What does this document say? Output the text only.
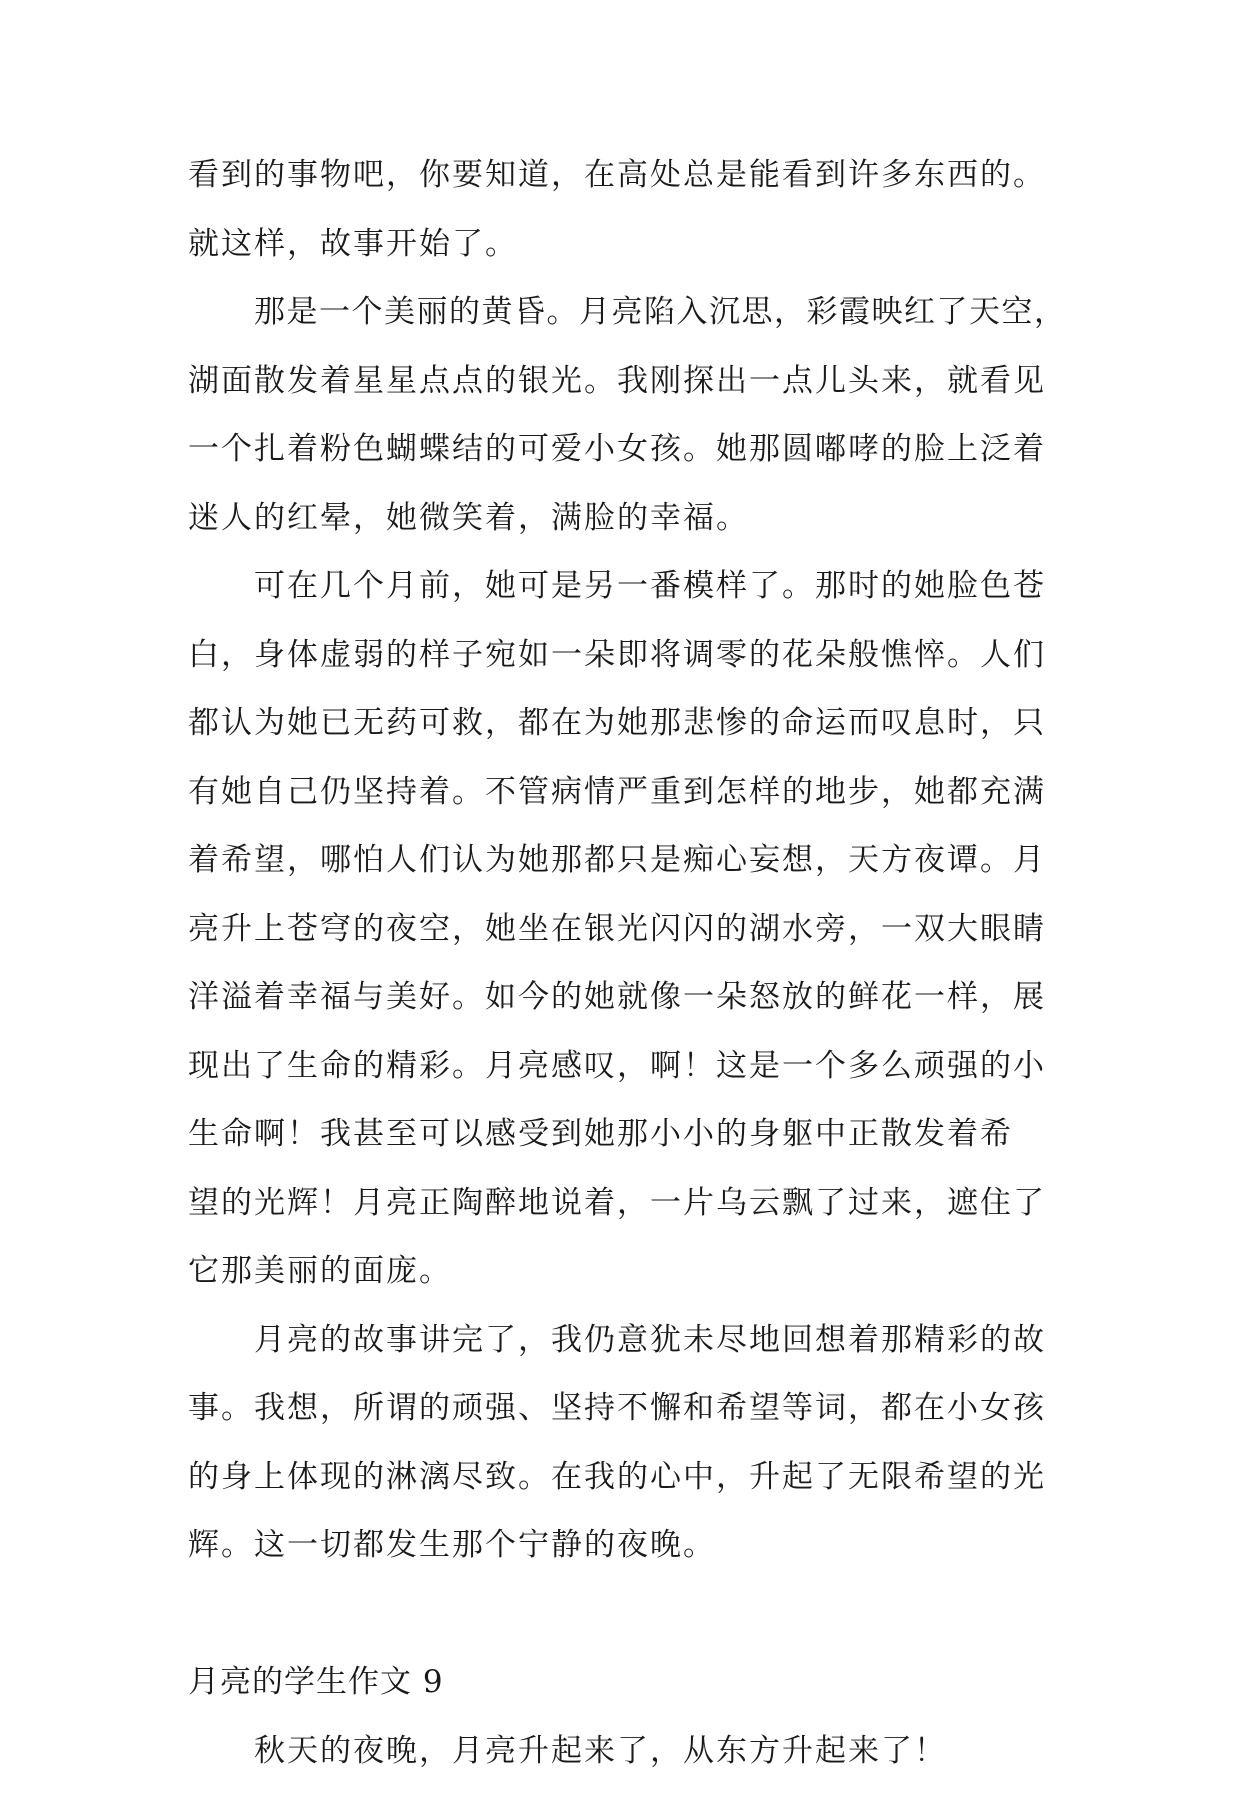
看到的事物吧，你要知道，在高处总是能看到许多东西的。
就这样，故事开始了。
那是一个美丽的黄昏。月亮陷入沉思，彩霞映红了天空，
湖面散发着星星点点的银光。我刚探出一点儿头来，就看见
一个扎着粉色蝴蝶结的可爱小女孩。她那圆嘟哮的脸上泛着
迷人的红晕，她微笑着，满脸的幸福。
可在几个月前，她可是另一番模样了。那时的她脸色苍
白，身体虚弱的样子宛如一朵即将调零的花朵般憔悴。人们
都认为她已无药可救，都在为她那悲惨的命运而叹息时，只
有她自己仍坚持着。不管病情严重到怎样的地步，她都充满
着希望，哪怕人们认为她那都只是痴心妄想，天方夜谭。月
亮升上苍穹的夜空，她坐在银光闪闪的湖水旁，一双大眼睛
洋溢着幸福与美好。如今的她就像一朵怒放的鲜花一样，展
现出了生命的精彩。月亮感叹，啊！这是一个多么顽强的小
生命啊！我甚至可以感受到她那小小的身躯中正散发着希
望的光辉！月亮正陶醉地说着，一片乌云飘了过来，遮住了
它那美丽的面庞。
月亮的故事讲完了，我仍意犹未尽地回想着那精彩的故
事。我想，所谓的顽强、坚持不懈和希望等词，都在小女孩
的身上体现的淋漓尽致。在我的心中，升起了无限希望的光
辉。这一切都发生那个宁静的夜晚。
月亮的学生作文 9
秋天的夜晚，月亮升起来了，从东方升起来了！
